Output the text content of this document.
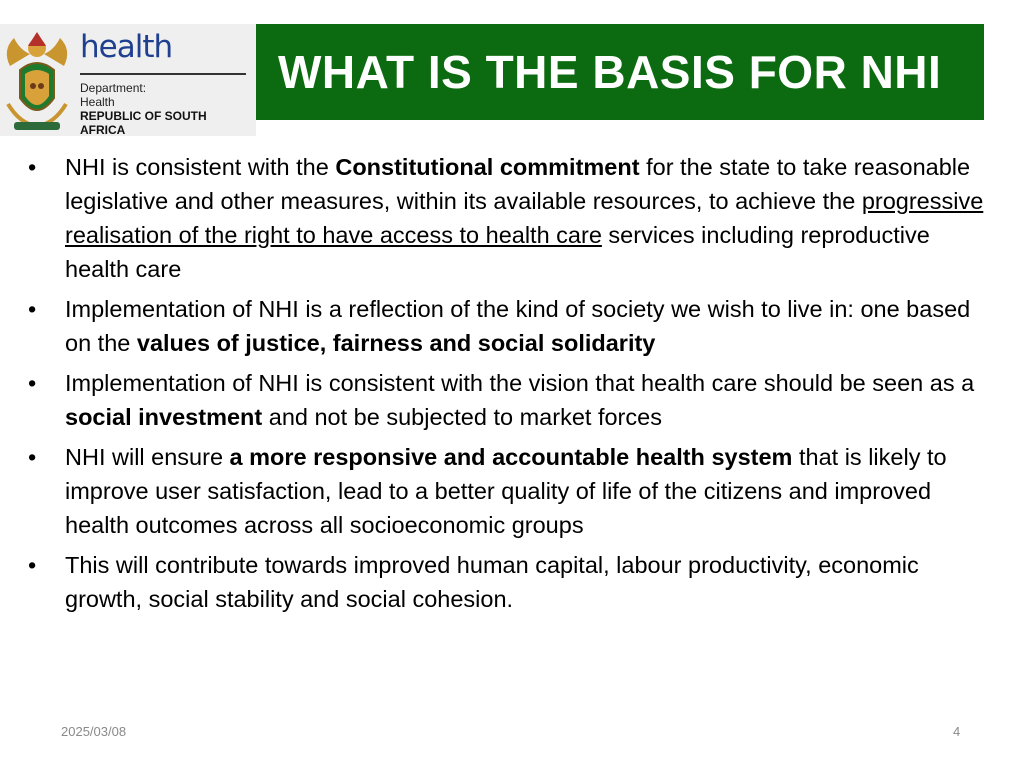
health
Department:
Health
REPUBLIC OF SOUTH AFRICA
WHAT IS THE BASIS FOR NHI
• NHI is consistent with the Constitutional commitment for the state to take reasonable legislative and other measures, within its available resources, to achieve the progressive realisation of the right to have access to health care services including reproductive health care
• Implementation of NHI is a reflection of the kind of society we wish to live in: one based on the values of justice, fairness and social solidarity
• Implementation of NHI is consistent with the vision that health care should be seen as a social investment and not be subjected to market forces
• NHI will ensure a more responsive and accountable health system that is likely to improve user satisfaction, lead to a better quality of life of the citizens and improved health outcomes across all socioeconomic groups
• This will contribute towards improved human capital, labour productivity, economic growth, social stability and social cohesion.
2025/03/08	4
